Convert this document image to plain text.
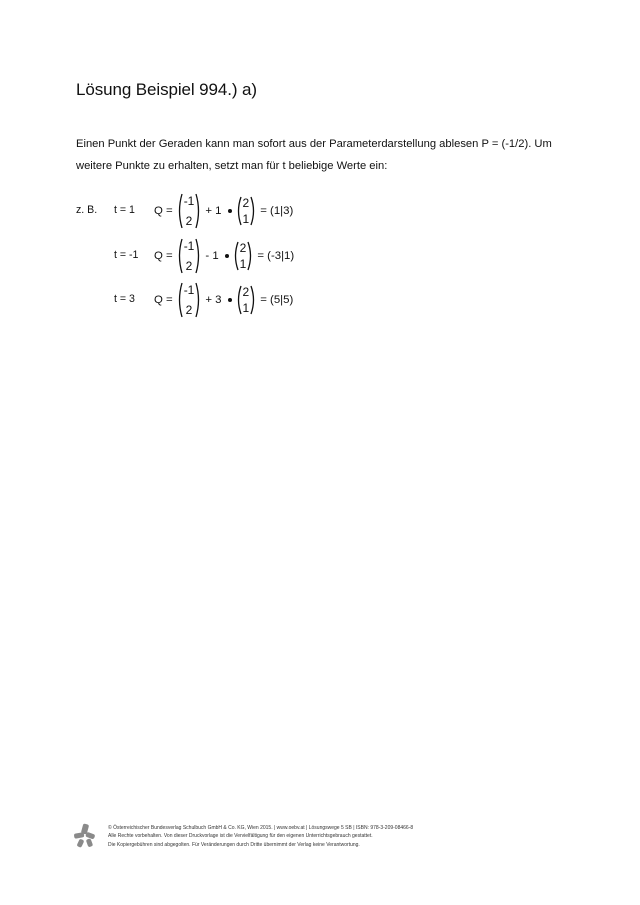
Lösung Beispiel 994.) a)
Einen Punkt der Geraden kann man sofort aus der Parameterdarstellung ablesen P = (-1/2). Um
weitere Punkte zu erhalten, setzt man für t beliebige Werte ein:
z. B. t = 1 Q =
-1
2
+ 1
2
1
= (1|3)
t = -1 Q =
-1
2
- 1
2
1
= (-3|1)
t = 3 Q =
-1
2
+ 3
2
1
= (5|5)
© Österreichischer Bundesverlag Schulbuch GmbH & Co. KG, Wien 2015. | www.oebv.at | Lösungswege 5 SB | ISBN: 978-3-209-08466-8
Alle Rechte vorbehalten. Von dieser Druckvorlage ist die Vervielfältigung für den eigenen Unterrichtsgebrauch gestattet.
Die Kopiergebühren sind abgegolten. Für Veränderungen durch Dritte übernimmt der Verlag keine Verantwortung.
